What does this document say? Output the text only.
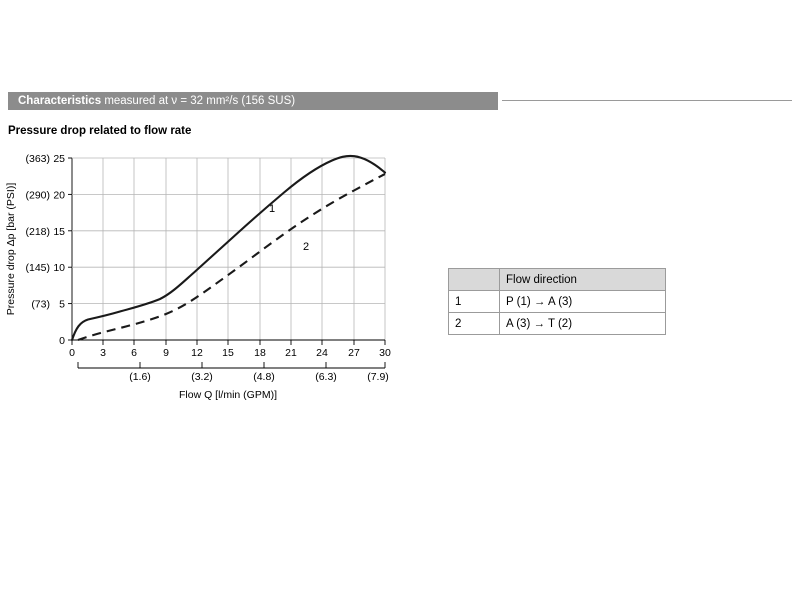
Characteristics measured at ν = 32 mm²/s (156 SUS)
Pressure drop related to flow rate
25
20
15
10
5
0
(363)
(290)
(218)
(145)
(73)
Pressure drop Δp [bar (PSI)]
0 3 6 9 12 15 18 21 24 27 30
(1.6)	(3.2)	(4.8)	(6.3)	(7.9)
Flow Q [l/min (GPM)]
1
2
	Flow direction
1	P (1) → A (3)
2	A (3) → T (2)
